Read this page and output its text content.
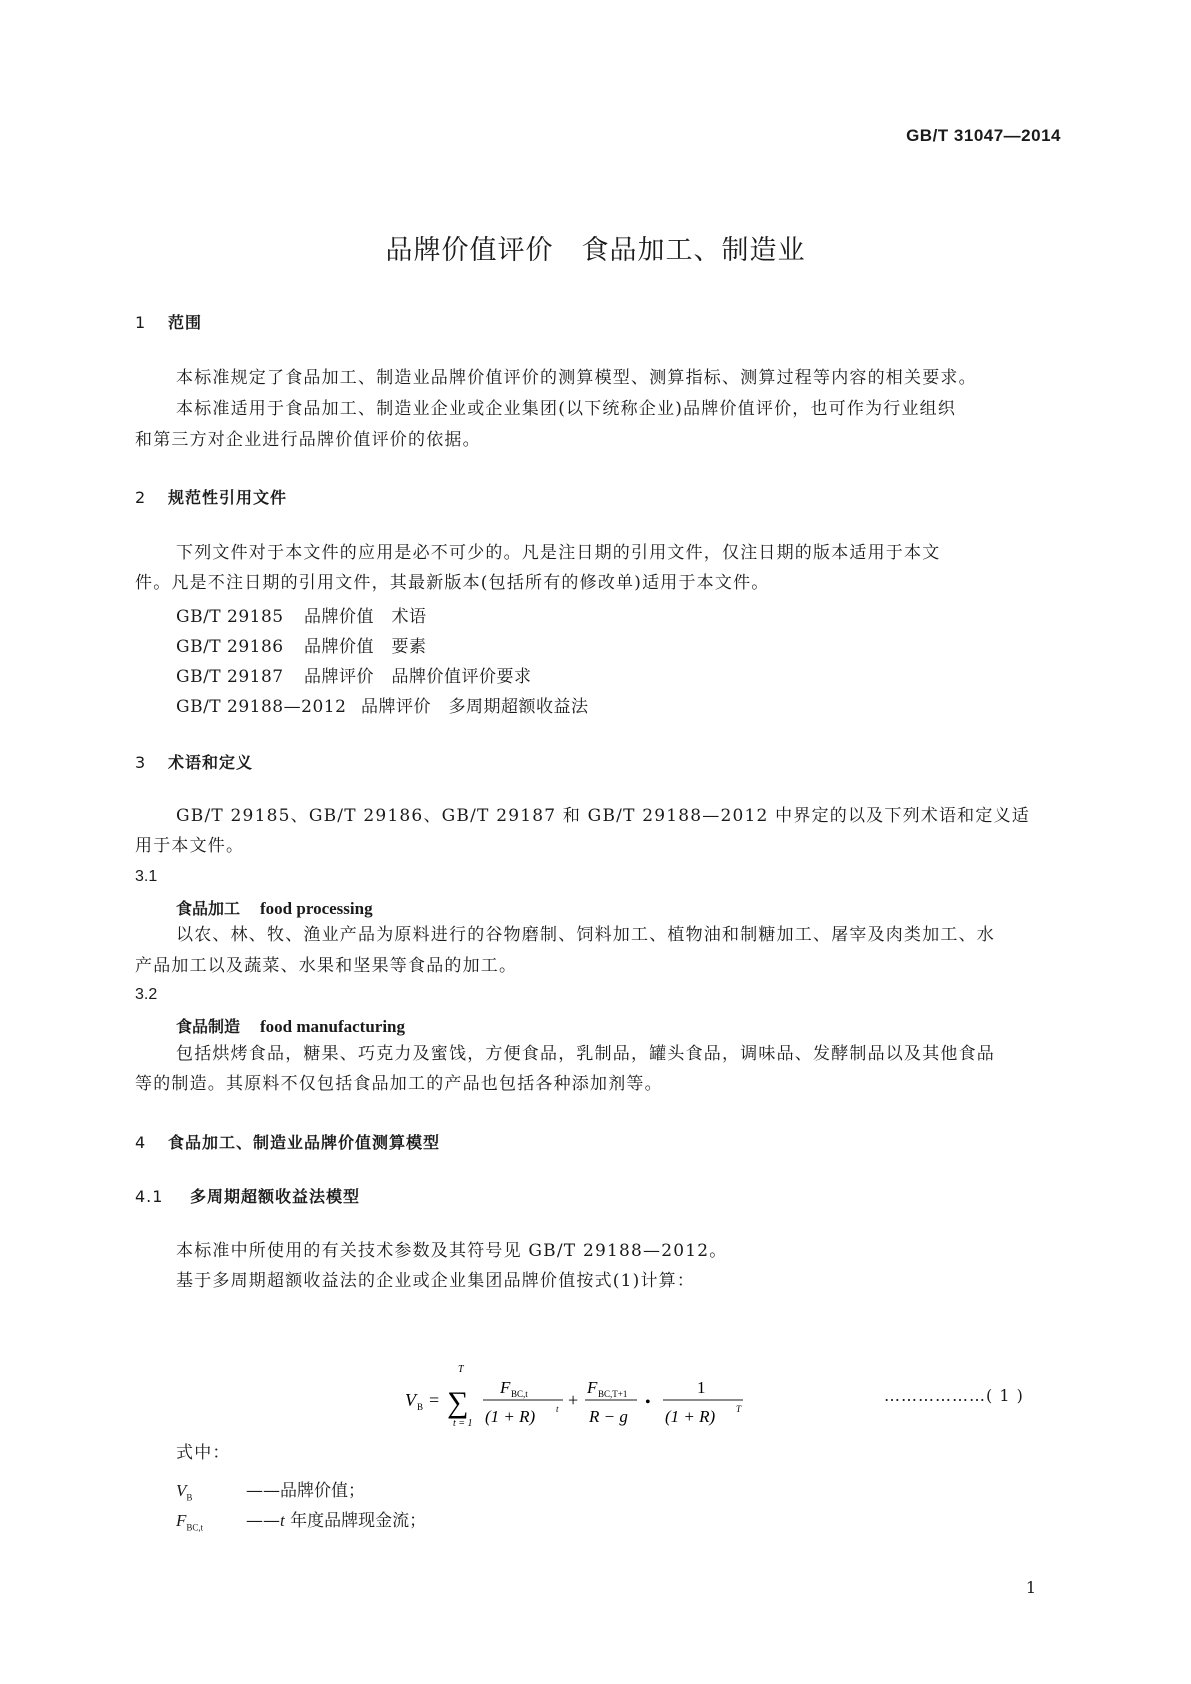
GB/T 31047—2014
品牌价值评价　食品加工、制造业
1 范围
本标准规定了食品加工、制造业品牌价值评价的测算模型、测算指标、测算过程等内容的相关要求。
本标准适用于食品加工、制造业企业或企业集团(以下统称企业)品牌价值评价，也可作为行业组织
和第三方对企业进行品牌价值评价的依据。
2 规范性引用文件
下列文件对于本文件的应用是必不可少的。凡是注日期的引用文件，仅注日期的版本适用于本文
件。凡是不注日期的引用文件，其最新版本(包括所有的修改单)适用于本文件。
GB/T 29185 品牌价值　术语
GB/T 29186 品牌价值　要素
GB/T 29187 品牌评价　品牌价值评价要求
GB/T 29188—2012 品牌评价　多周期超额收益法
3 术语和定义
GB/T 29185、GB/T 29186、GB/T 29187 和 GB/T 29188—2012 中界定的以及下列术语和定义适
用于本文件。
3.1
食品加工 food processing
以农、林、牧、渔业产品为原料进行的谷物磨制、饲料加工、植物油和制糖加工、屠宰及肉类加工、水
产品加工以及蔬菜、水果和坚果等食品的加工。
3.2
食品制造 food manufacturing
包括烘烤食品，糖果、巧克力及蜜饯，方便食品，乳制品，罐头食品，调味品、发酵制品以及其他食品
等的制造。其原料不仅包括食品加工的产品也包括各种添加剂等。
4 食品加工、制造业品牌价值测算模型
4.1 多周期超额收益法模型
本标准中所使用的有关技术参数及其符号见 GB/T 29188—2012。
基于多周期超额收益法的企业或企业集团品牌价值按式(1)计算：
V B = ∑
T
t = 1
F BC,t
(1 + R) t +
F BC,T+1
R − g
•
1
(1 + R) T
………………( 1 )
式中：
$V_B$	——品牌价值；
$F_{BC,t}$	——t 年度品牌现金流；
1
